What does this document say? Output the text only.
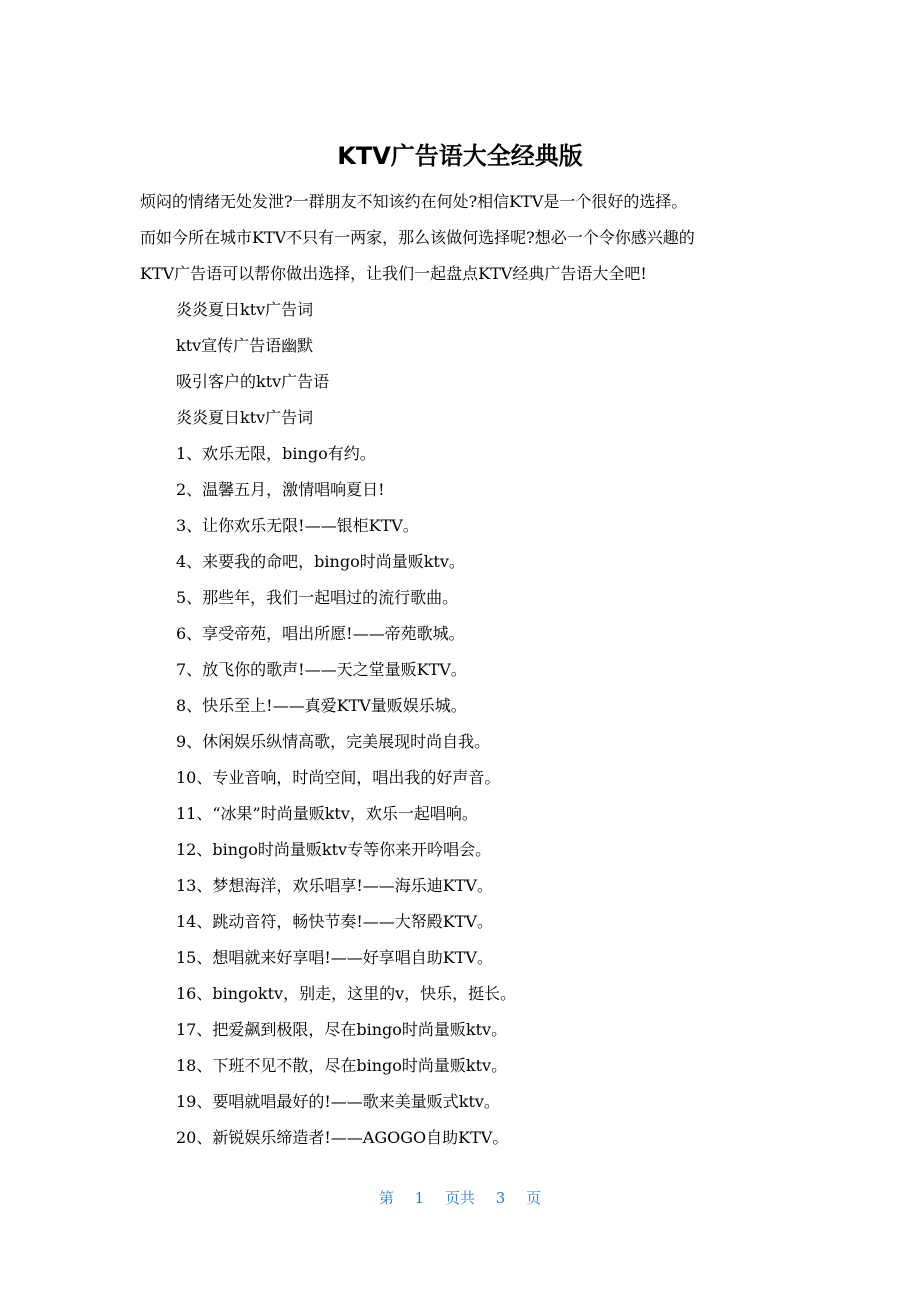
KTV广告语大全经典版

烦闷的情绪无处发泄?一群朋友不知该约在何处?相信KTV是一个很好的选择。
而如今所在城市KTV不只有一两家，那么该做何选择呢?想必一个令你感兴趣的
KTV广告语可以帮你做出选择，让我们一起盘点KTV经典广告语大全吧!

炎炎夏日ktv广告词
ktv宣传广告语幽默
吸引客户的ktv广告语
炎炎夏日ktv广告词
1、欢乐无限，bingo有约。
2、温馨五月，激情唱响夏日!
3、让你欢乐无限!——银柜KTV。
4、来要我的命吧，bingo时尚量贩ktv。
5、那些年，我们一起唱过的流行歌曲。
6、享受帝苑，唱出所愿!——帝苑歌城。
7、放飞你的歌声!——天之堂量贩KTV。
8、快乐至上!——真爱KTV量贩娱乐城。
9、休闲娱乐纵情高歌，完美展现时尚自我。
10、专业音响，时尚空间，唱出我的好声音。
11、“冰果”时尚量贩ktv，欢乐一起唱响。
12、bingo时尚量贩ktv专等你来开吟唱会。
13、梦想海洋，欢乐唱享!——海乐迪KTV。
14、跳动音符，畅快节奏!——大帑殿KTV。
15、想唱就来好享唱!——好享唱自助KTV。
16、bingoktv，别走，这里的v，快乐，挺长。
17、把爱飙到极限，尽在bingo时尚量贩ktv。
18、下班不见不散，尽在bingo时尚量贩ktv。
19、要唱就唱最好的!——歌来美量贩式ktv。
20、新锐娱乐缔造者!——AGOGO自助KTV。
第 1 页共 3 页
